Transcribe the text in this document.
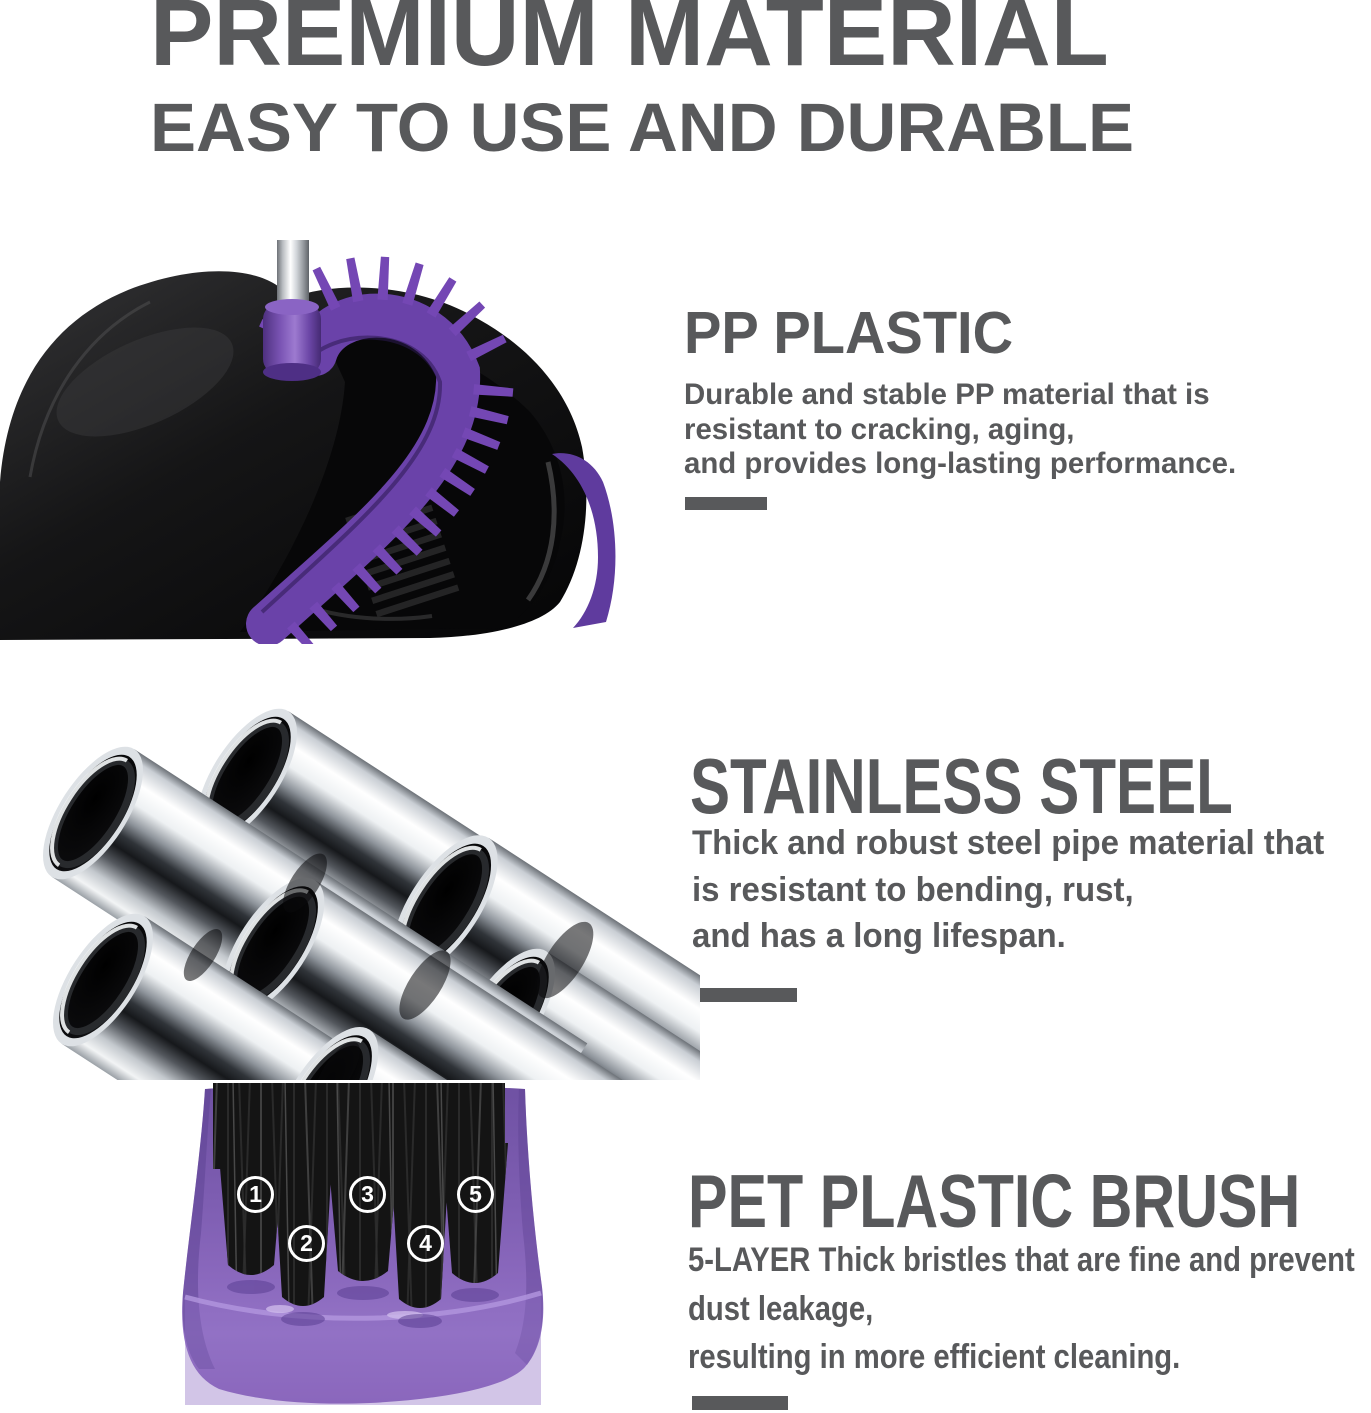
PREMIUM MATERIAL
EASY TO USE AND DURABLE
PP PLASTIC
Durable and stable PP material that is
resistant to cracking, aging,
and provides long-lasting performance.
STAINLESS STEEL
Thick and robust steel pipe material that
is resistant to bending, rust,
and has a long lifespan.
1
2
3
4
5	PET PLASTIC BRUSH
5-LAYER Thick bristles that are fine and prevent
dust leakage,
resulting in more efficient cleaning.
